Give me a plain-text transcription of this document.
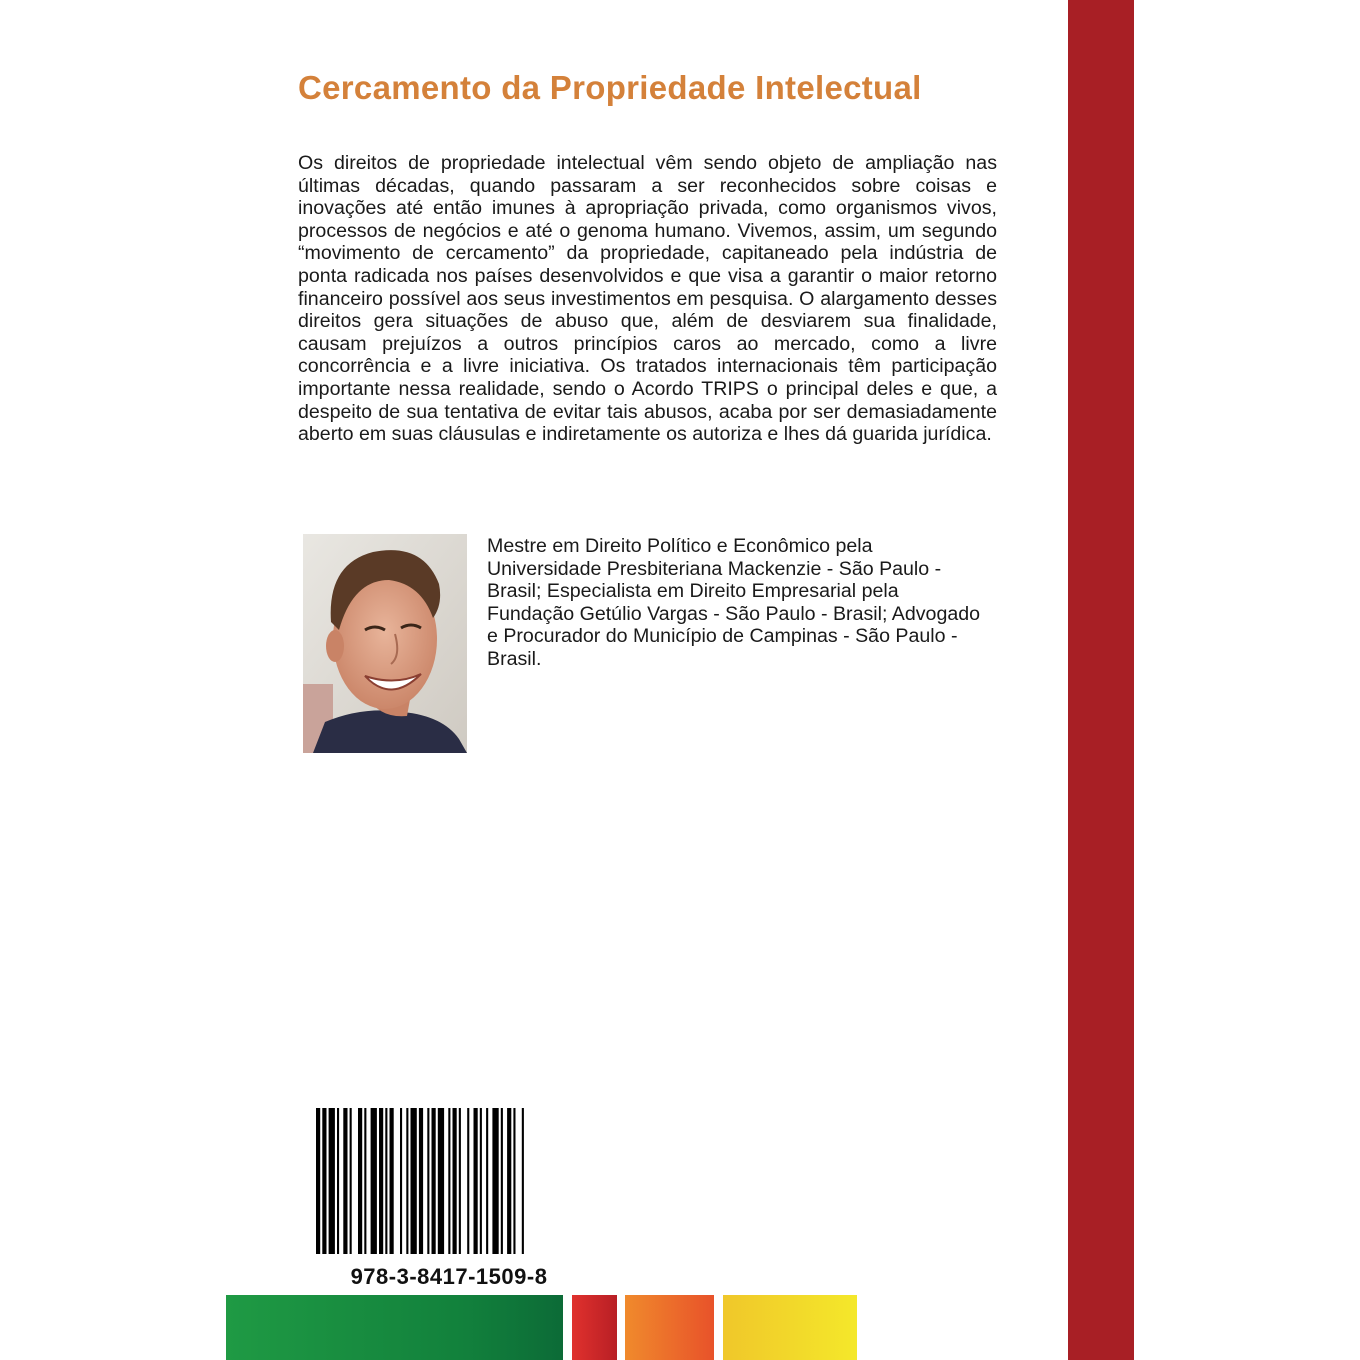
Cercamento da Propriedade Intelectual

Os direitos de propriedade intelectual vêm sendo objeto de ampliação nas últimas décadas, quando passaram a ser reconhecidos sobre coisas e inovações até então imunes à apropriação privada, como organismos vivos, processos de negócios e até o genoma humano. Vivemos, assim, um segundo “movimento de cercamento” da propriedade, capitaneado pela indústria de ponta radicada nos países desenvolvidos e que visa a garantir o maior retorno financeiro possível aos seus investimentos em pesquisa. O alargamento desses direitos gera situações de abuso que, além de desviarem sua finalidade, causam prejuízos a outros princípios caros ao mercado, como a livre concorrência e a livre iniciativa. Os tratados internacionais têm participação importante nessa realidade, sendo o Acordo TRIPS o principal deles e que, a despeito de sua tentativa de evitar tais abusos, acaba por ser demasiadamente aberto em suas cláusulas e indiretamente os autoriza e lhes dá guarida jurídica.

Mestre em Direito Político e Econômico pela Universidade Presbiteriana Mackenzie - São Paulo - Brasil; Especialista em Direito Empresarial pela Fundação Getúlio Vargas - São Paulo - Brasil; Advogado e Procurador do Município de Campinas - São Paulo - Brasil.

978-3-8417-1509-8
